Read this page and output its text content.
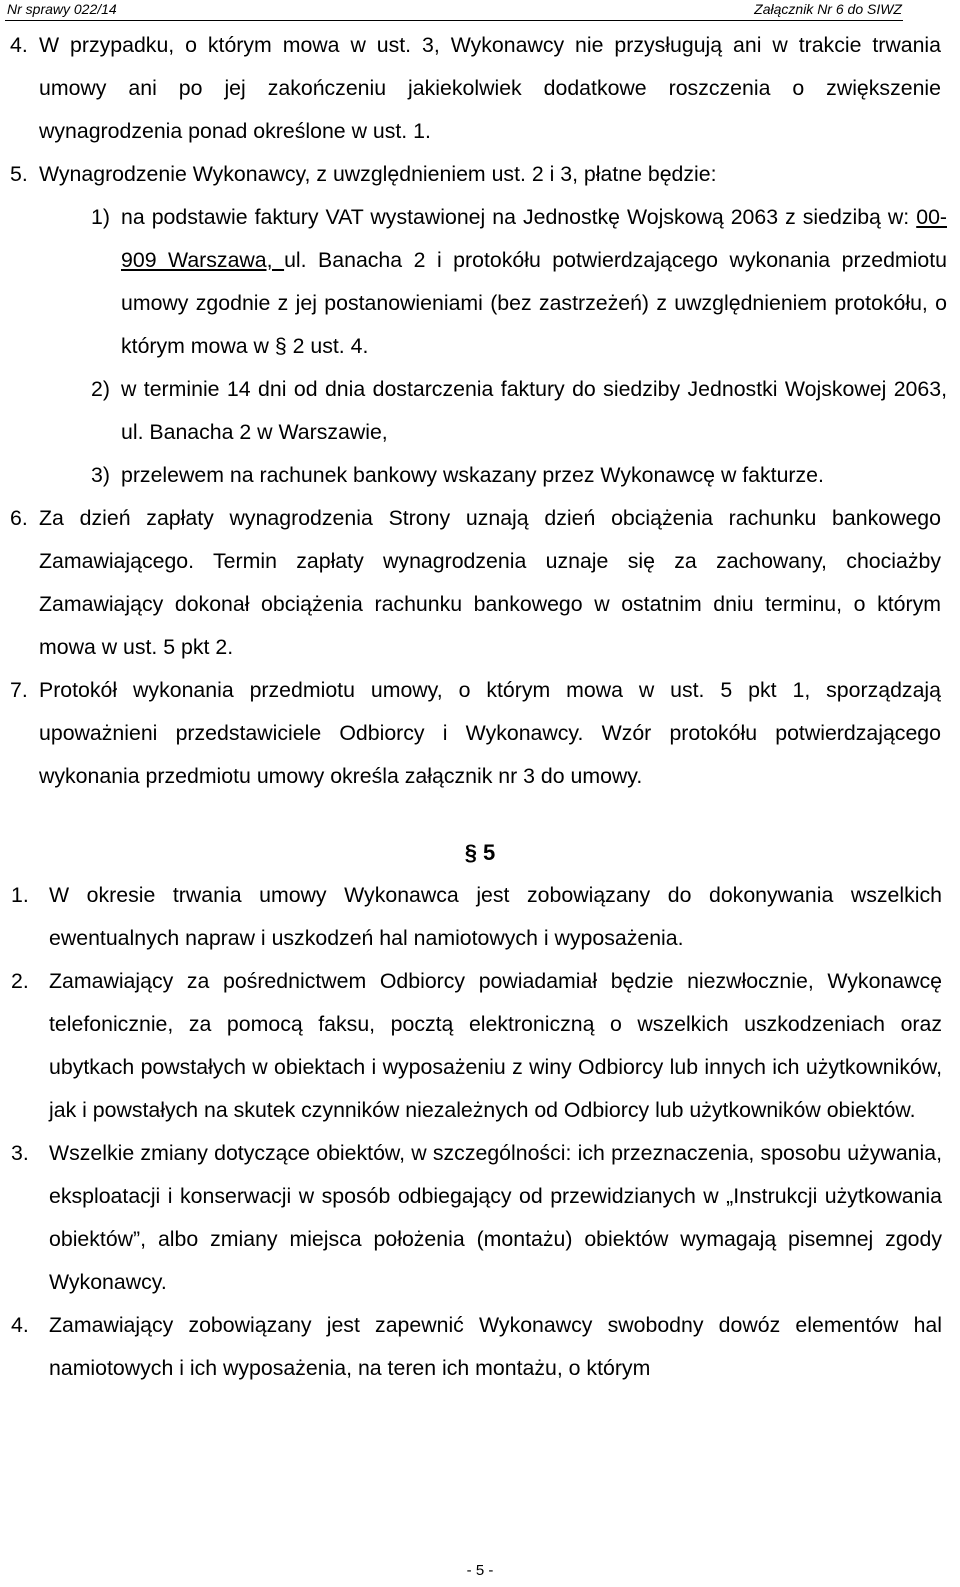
Nr sprawy 022/14	Załącznik Nr 6 do SIWZ
4. W przypadku, o którym mowa w ust. 3, Wykonawcy nie przysługują ani w trakcie trwania umowy ani po jej zakończeniu jakiekolwiek dodatkowe roszczenia o zwiększenie wynagrodzenia ponad określone w ust. 1.
5. Wynagrodzenie Wykonawcy, z uwzględnieniem ust. 2 i 3, płatne będzie:
1) na podstawie faktury VAT wystawionej na Jednostkę Wojskową 2063 z siedzibą w: 00-909 Warszawa, ul. Banacha 2 i protokółu potwierdzającego wykonania przedmiotu umowy zgodnie z jej postanowieniami (bez zastrzeżeń) z uwzględnieniem protokółu, o którym mowa w § 2 ust. 4.
2) w terminie 14 dni od dnia dostarczenia faktury do siedziby Jednostki Wojskowej 2063, ul. Banacha 2 w Warszawie,
3) przelewem na rachunek bankowy wskazany przez Wykonawcę w fakturze.
6. Za dzień zapłaty wynagrodzenia Strony uznają dzień obciążenia rachunku bankowego Zamawiającego. Termin zapłaty wynagrodzenia uznaje się za zachowany, chociażby Zamawiający dokonał obciążenia rachunku bankowego w ostatnim dniu terminu, o którym mowa w ust. 5 pkt 2.
7. Protokół wykonania przedmiotu umowy, o którym mowa w ust. 5 pkt 1, sporządzają upoważnieni przedstawiciele Odbiorcy i Wykonawcy. Wzór protokółu potwierdzającego wykonania przedmiotu umowy określa załącznik nr 3 do umowy.
§ 5
1. W okresie trwania umowy Wykonawca jest zobowiązany do dokonywania wszelkich ewentualnych napraw i uszkodzeń hal namiotowych i wyposażenia.
2. Zamawiający za pośrednictwem Odbiorcy powiadamiał będzie niezwłocznie, Wykonawcę telefonicznie, za pomocą faksu, pocztą elektroniczną o wszelkich uszkodzeniach oraz ubytkach powstałych w obiektach i wyposażeniu z winy Odbiorcy lub innych ich użytkowników, jak i powstałych na skutek czynników niezależnych od Odbiorcy lub użytkowników obiektów.
3. Wszelkie zmiany dotyczące obiektów, w szczególności: ich przeznaczenia, sposobu używania, eksploatacji i konserwacji w sposób odbiegający od przewidzianych w „Instrukcji użytkowania obiektów”, albo zmiany miejsca położenia (montażu) obiektów wymagają pisemnej zgody Wykonawcy.
4. Zamawiający zobowiązany jest zapewnić Wykonawcy swobodny dowóz elementów hal namiotowych i ich wyposażenia, na teren ich montażu, o którym
- 5 -
